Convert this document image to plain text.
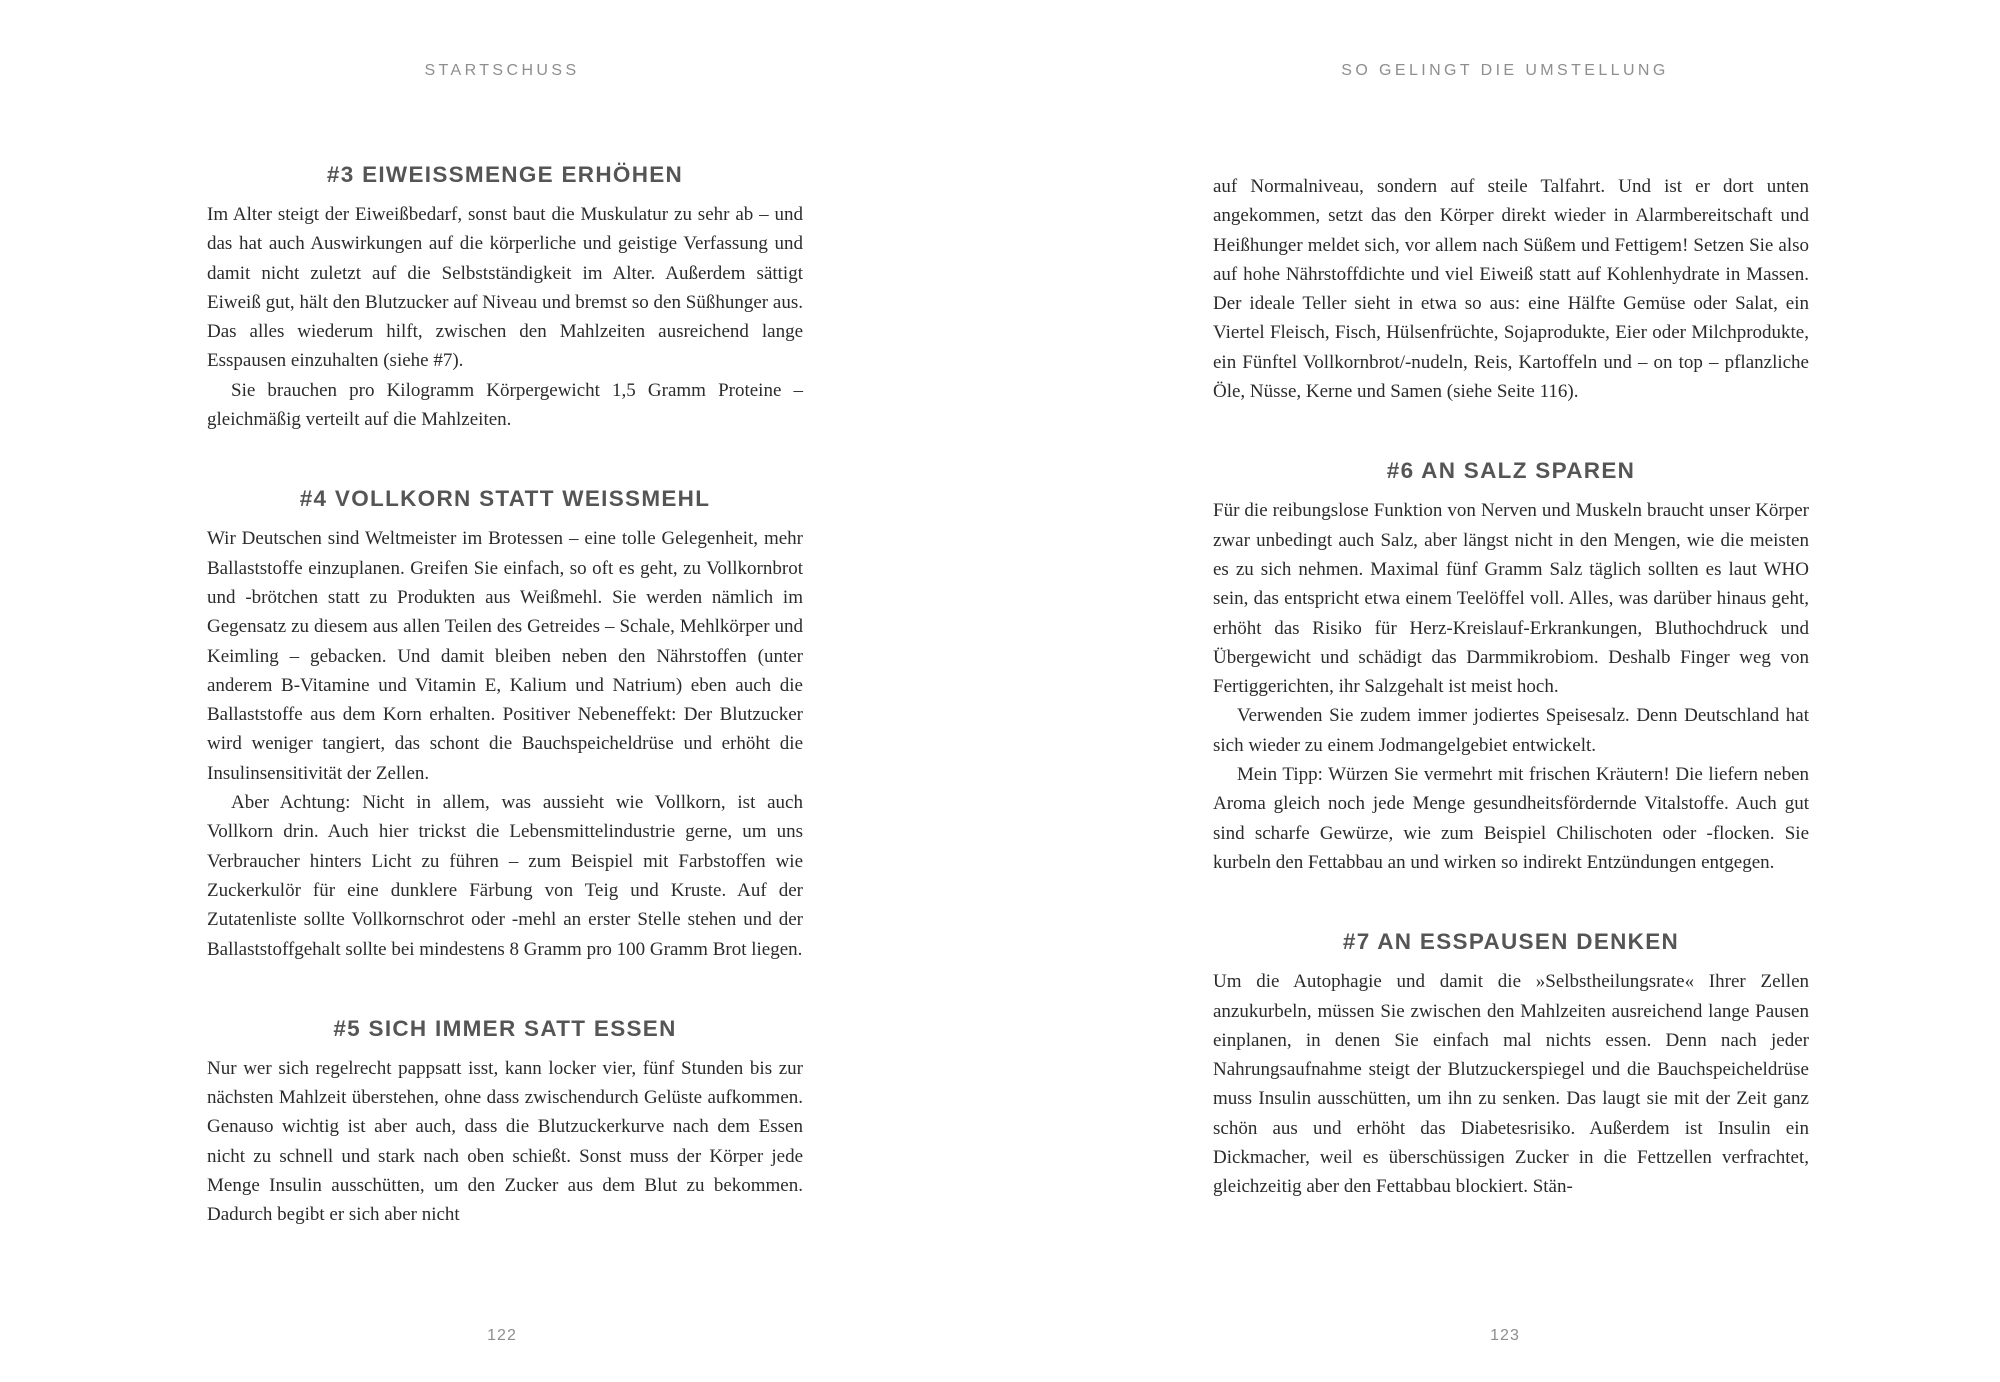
STARTSCHUSS
#3 EIWEISSMENGE ERHÖHEN

Im Alter steigt der Eiweißbedarf, sonst baut die Muskulatur zu sehr ab – und das hat auch Auswirkungen auf die körperliche und geistige Verfassung und damit nicht zuletzt auf die Selbstständigkeit im Alter. Außerdem sättigt Eiweiß gut, hält den Blutzucker auf Niveau und bremst so den Süßhunger aus. Das alles wiederum hilft, zwischen den Mahlzeiten ausreichend lange Esspausen einzuhalten (siehe #7).

Sie brauchen pro Kilogramm Körpergewicht 1,5 Gramm Proteine – gleichmäßig verteilt auf die Mahlzeiten.

#4 VOLLKORN STATT WEISSMEHL

Wir Deutschen sind Weltmeister im Brotessen – eine tolle Gelegenheit, mehr Ballaststoffe einzuplanen. Greifen Sie einfach, so oft es geht, zu Vollkornbrot und -brötchen statt zu Produkten aus Weißmehl. Sie werden nämlich im Gegensatz zu diesem aus allen Teilen des Getreides – Schale, Mehlkörper und Keimling – gebacken. Und damit bleiben neben den Nährstoffen (unter anderem B-Vitamine und Vitamin E, Kalium und Natrium) eben auch die Ballaststoffe aus dem Korn erhalten. Positiver Nebeneffekt: Der Blutzucker wird weniger tangiert, das schont die Bauchspeicheldrüse und erhöht die Insulinsensitivität der Zellen.

Aber Achtung: Nicht in allem, was aussieht wie Vollkorn, ist auch Vollkorn drin. Auch hier trickst die Lebensmittelindustrie gerne, um uns Verbraucher hinters Licht zu führen – zum Beispiel mit Farbstoffen wie Zuckerkulör für eine dunklere Färbung von Teig und Kruste. Auf der Zutatenliste sollte Vollkornschrot oder -mehl an erster Stelle stehen und der Ballaststoffgehalt sollte bei mindestens 8 Gramm pro 100 Gramm Brot liegen.

#5 SICH IMMER SATT ESSEN

Nur wer sich regelrecht pappsatt isst, kann locker vier, fünf Stunden bis zur nächsten Mahlzeit überstehen, ohne dass zwischendurch Gelüste aufkommen. Genauso wichtig ist aber auch, dass die Blutzuckerkurve nach dem Essen nicht zu schnell und stark nach oben schießt. Sonst muss der Körper jede Menge Insulin ausschütten, um den Zucker aus dem Blut zu bekommen. Dadurch begibt er sich aber nicht

122
SO GELINGT DIE UMSTELLUNG

auf Normalniveau, sondern auf steile Talfahrt. Und ist er dort unten angekommen, setzt das den Körper direkt wieder in Alarmbereitschaft und Heißhunger meldet sich, vor allem nach Süßem und Fettigem! Setzen Sie also auf hohe Nährstoffdichte und viel Eiweiß statt auf Kohlenhydrate in Massen. Der ideale Teller sieht in etwa so aus: eine Hälfte Gemüse oder Salat, ein Viertel Fleisch, Fisch, Hülsenfrüchte, Sojaprodukte, Eier oder Milchprodukte, ein Fünftel Vollkornbrot/-nudeln, Reis, Kartoffeln und – on top – pflanzliche Öle, Nüsse, Kerne und Samen (siehe Seite 116).

#6 AN SALZ SPAREN

Für die reibungslose Funktion von Nerven und Muskeln braucht unser Körper zwar unbedingt auch Salz, aber längst nicht in den Mengen, wie die meisten es zu sich nehmen. Maximal fünf Gramm Salz täglich sollten es laut WHO sein, das entspricht etwa einem Teelöffel voll. Alles, was darüber hinaus geht, erhöht das Risiko für Herz-Kreislauf-Erkrankungen, Bluthochdruck und Übergewicht und schädigt das Darmmikrobiom. Deshalb Finger weg von Fertiggerichten, ihr Salzgehalt ist meist hoch.

Verwenden Sie zudem immer jodiertes Speisesalz. Denn Deutschland hat sich wieder zu einem Jodmangelgebiet entwickelt.

Mein Tipp: Würzen Sie vermehrt mit frischen Kräutern! Die liefern neben Aroma gleich noch jede Menge gesundheitsfördernde Vitalstoffe. Auch gut sind scharfe Gewürze, wie zum Beispiel Chilischoten oder -flocken. Sie kurbeln den Fettabbau an und wirken so indirekt Entzündungen entgegen.

#7 AN ESSPAUSEN DENKEN

Um die Autophagie und damit die »Selbstheilungsrate« Ihrer Zellen anzukurbeln, müssen Sie zwischen den Mahlzeiten ausreichend lange Pausen einplanen, in denen Sie einfach mal nichts essen. Denn nach jeder Nahrungsaufnahme steigt der Blutzuckerspiegel und die Bauchspeicheldrüse muss Insulin ausschütten, um ihn zu senken. Das laugt sie mit der Zeit ganz schön aus und erhöht das Diabetesrisiko. Außerdem ist Insulin ein Dickmacher, weil es überschüssigen Zucker in die Fettzellen verfrachtet, gleichzeitig aber den Fettabbau blockiert. Stän-

123
